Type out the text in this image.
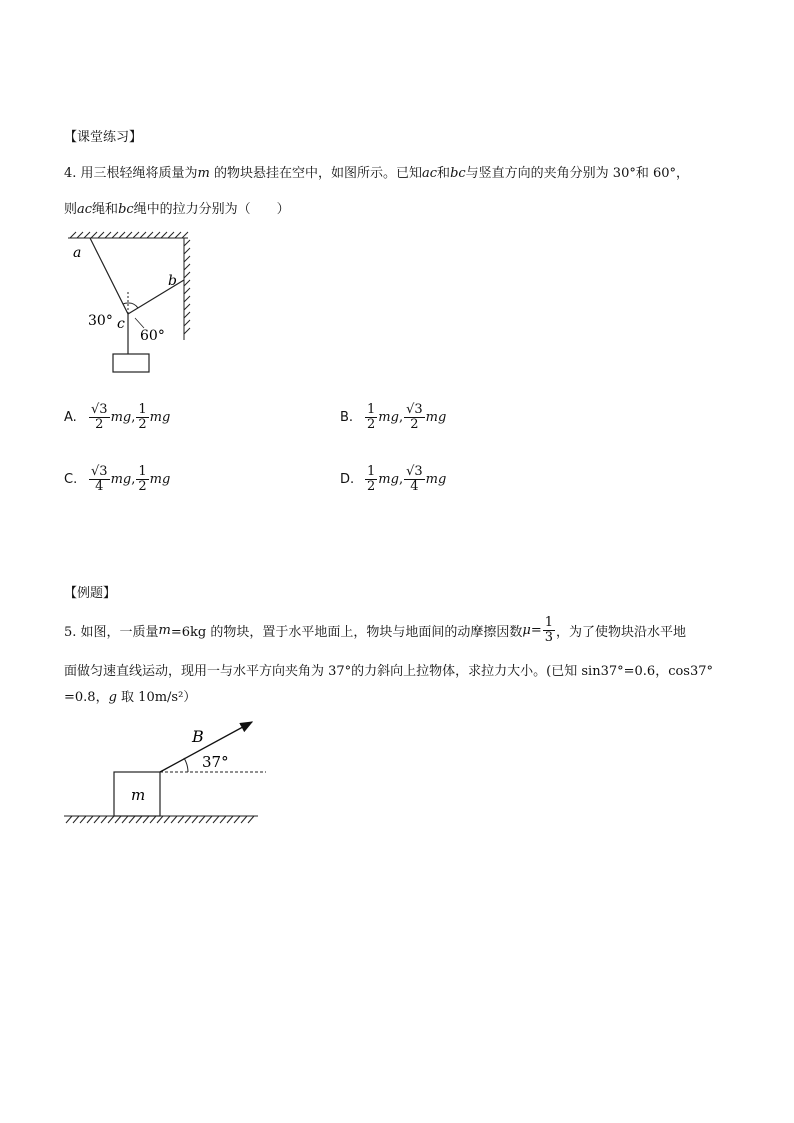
【课堂练习】
4. 用三根轻绳将质量为m 的物块悬挂在空中，如图所示。已知ac和bc与竖直方向的夹角分别为 30°和 60°，
则ac绳和bc绳中的拉力分别为（　　）
a
b
c
30°
60°
A. $\frac{√3}{2}$ mg , $\frac{1}{2}$ mg	B. $\frac{1}{2}$ mg , $\frac{√3}{2}$ mg
C. $\frac{√3}{4}$ mg , $\frac{1}{2}$ mg	D. $\frac{1}{2}$ mg , $\frac{√3}{4}$ mg
【例题】
5. 如图，一质量 m =6kg 的物块，置于水平地面上，物块与地面间的动摩擦因数 $\mu = \frac{1}{3}$ ，为了使物块沿水平地
面做匀速直线运动，现用一与水平方向夹角为 37°的力斜向上拉物体，求拉力大小。(已知 sin37°=0.6，cos37°
=0.8，g 取 10m/s²）
B
37°
m
